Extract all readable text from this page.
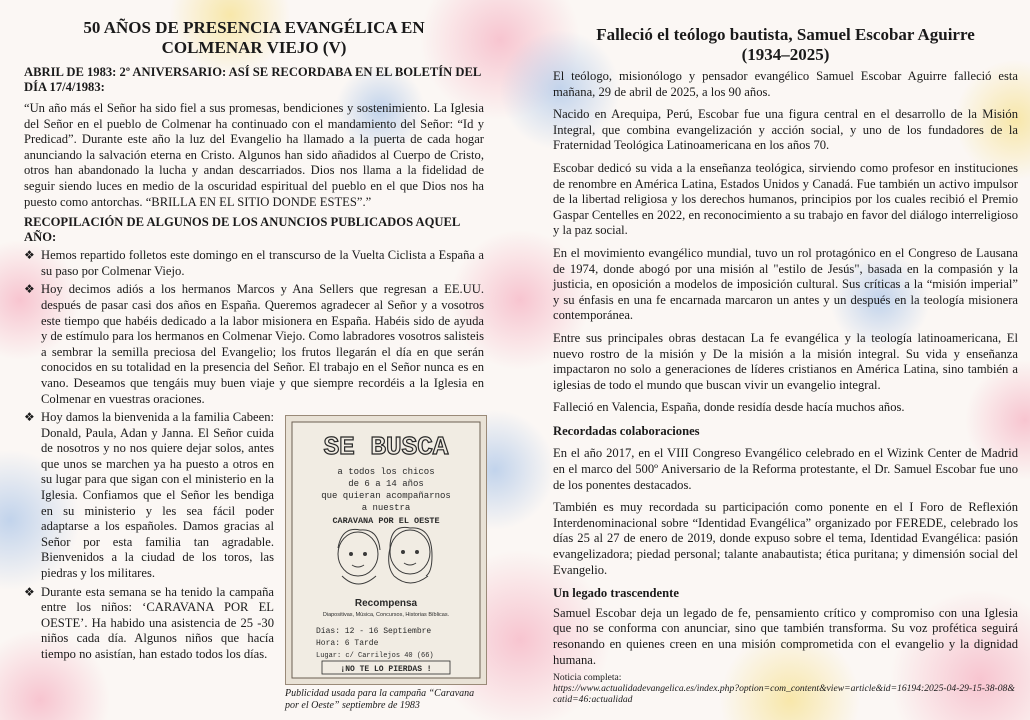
50 AÑOS DE PRESENCIA EVANGÉLICA EN COLMENAR VIEJO (V)
ABRIL DE 1983: 2º ANIVERSARIO: ASÍ SE RECORDABA EN EL BOLETÍN DEL DÍA 17/4/1983:

“Un año más el Señor ha sido fiel a sus promesas, bendiciones y sostenimiento. La Iglesia del Señor en el pueblo de Colmenar ha continuado con el mandamiento del Señor: “Id y Predicad”. Durante este año la luz del Evangelio ha llamado a la puerta de cada hogar anunciando la salvación eterna en Cristo. Algunos han sido añadidos al Cuerpo de Cristo, otros han abandonado la lucha y andan descarriados. Dios nos llama a la fidelidad de seguir siendo luces en medio de la oscuridad espiritual del pueblo en el que Dios nos ha puesto como antorchas. “BRILLA EN EL SITIO DONDE ESTES”.”

RECOPILACIÓN DE ALGUNOS DE LOS ANUNCIOS PUBLICADOS AQUEL AÑO:
❖ Hemos repartido folletos este domingo en el transcurso de la Vuelta Ciclista a España a su paso por Colmenar Viejo.
❖ Hoy decimos adiós a los hermanos Marcos y Ana Sellers que regresan a EE.UU. después de pasar casi dos años en España. Queremos agradecer al Señor y a vosotros este tiempo que habéis dedicado a la labor misionera en España. Habéis sido de ayuda y de estímulo para los hermanos en Colmenar Viejo. Como labradores vosotros salisteis a sembrar la semilla preciosa del Evangelio; los frutos llegarán el día en que serán conocidos en su totalidad en la presencia del Señor. El trabajo en el Señor nunca es en vano. Deseamos que tengáis muy buen viaje y que siempre recordéis a la Iglesia en Colmenar en vuestras oraciones.
❖ Hoy damos la bienvenida a la familia Cabeen: Donald, Paula, Adan y Janna. El Señor cuida de nosotros y no nos quiere dejar solos, antes que unos se marchen ya ha puesto a otros en su lugar para que sigan con el ministerio en la Iglesia. Confiamos que el Señor les bendiga en su ministerio y les sea fácil poder adaptarse a los españoles. Damos gracias al Señor por esta familia tan agradable. Bienvenidos a la ciudad de los toros, las piedras y los militares.
❖ Durante esta semana se ha tenido la campaña entre los niños: ‘CARAVANA POR EL OESTE’. Ha habido una asistencia de 25 -30 niños cada día. Algunos niños que hacía tiempo no asistían, han estado todos los días.
SE BUSCA
a todos los chicos
de 6 a 14 años
que quieran acompañarnos
a nuestra
CARAVANA POR EL OESTE
Recompensa
Diapositivas, Música, Concursos, Historias Bíblicas.
Días: 12 - 16 Septiembre
Hora: 6 Tarde
Lugar: c/ Carrilejos 40 (66)
¡NO TE LO PIERDAS !
Publicidad usada para la campaña “Caravana por el Oeste” septiembre de 1983
Falleció el teólogo bautista, Samuel Escobar Aguirre
(1934–2025)

El teólogo, misionólogo y pensador evangélico Samuel Escobar Aguirre falleció esta mañana, 29 de abril de 2025, a los 90 años.

Nacido en Arequipa, Perú, Escobar fue una figura central en el desarrollo de la Misión Integral, que combina evangelización y acción social, y uno de los fundadores de la Fraternidad Teológica Latinoamericana en los años 70.

Escobar dedicó su vida a la enseñanza teológica, sirviendo como profesor en instituciones de renombre en América Latina, Estados Unidos y Canadá. Fue también un activo impulsor de la libertad religiosa y los derechos humanos, principios por los cuales recibió el Premio Gaspar Centelles en 2022, en reconocimiento a su trabajo en favor del diálogo interreligioso y la paz social.

En el movimiento evangélico mundial, tuvo un rol protagónico en el Congreso de Lausana de 1974, donde abogó por una misión al "estilo de Jesús", basada en la compasión y la justicia, en oposición a modelos de imposición cultural. Sus críticas a la “misión imperial” y su énfasis en una fe encarnada marcaron un antes y un después en la teología misionera contemporánea.

Entre sus principales obras destacan La fe evangélica y la teología latinoamericana, El nuevo rostro de la misión y De la misión a la misión integral. Su vida y enseñanza impactaron no solo a generaciones de líderes cristianos en América Latina, sino también a iglesias de todo el mundo que buscan vivir un evangelio integral.

Falleció en Valencia, España, donde residía desde hacía muchos años.

Recordadas colaboraciones

En el año 2017, en el VIII Congreso Evangélico celebrado en el Wizink Center de Madrid en el marco del 500º Aniversario de la Reforma protestante, el Dr. Samuel Escobar fue uno de los ponentes destacados.

También es muy recordada su participación como ponente en el I Foro de Reflexión Interdenominacional sobre “Identidad Evangélica” organizado por FEREDE, celebrado los días 25 al 27 de enero de 2019, donde expuso sobre el tema, Identidad Evangélica: pasión evangelizadora; piedad personal; talante anabautista; ética puritana; y dimensión social del Evangelio.

Un legado trascendente

Samuel Escobar deja un legado de fe, pensamiento crítico y compromiso con una Iglesia que no se conforma con anunciar, sino que también transforma. Su voz profética seguirá resonando en quienes creen en una misión comprometida con el evangelio y la dignidad humana.

Noticia completa:
https://www.actualidadevangelica.es/index.php?option=com_content&view=article&id=16194:2025-04-29-15-38-08&catid=46:actualidad
